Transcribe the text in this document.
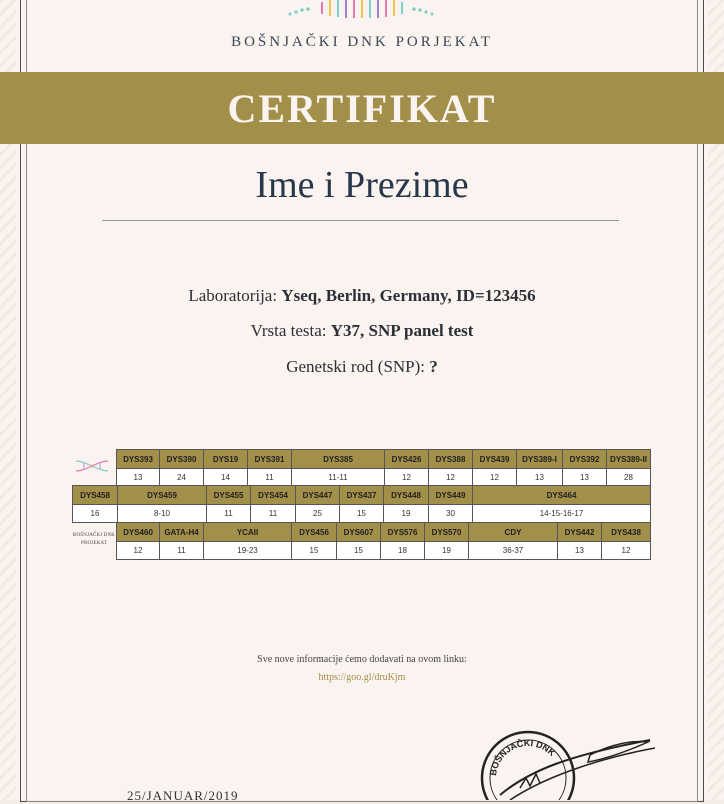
BOŠNJAČKI DNK PORJEKAT
CERTIFIKAT
Ime i Prezime
Laboratorija: Yseq, Berlin, Germany, ID=123456
Vrsta testa: Y37, SNP panel test
Genetski rod (SNP): ?
BOŠNJAČKI DNK
PROJEKAT
DYS393	DYS390	DYS19	DYS391	DYS385	DYS426	DYS388	DYS439	DYS389-I	DYS392	DYS389-II
13	24	14	11	11-11	12	12	12	13	13	28
DYS458	DYS459	DYS455	DYS454	DYS447	DYS437	DYS448	DYS449	DYS464
16	8-10	11	11	25	15	19	30	14-15-16-17
DYS460	GATA-H4	YCAII	DYS456	DYS607	DYS576	DYS570	CDY	DYS442	DYS438
12	11	19-23	15	15	18	19	36-37	13	12
Sve nove informacije ćemo dodavati na ovom linku:
https://goo.gl/druKjm
BOŠNJAČKI DNK
25/JANUAR/2019
